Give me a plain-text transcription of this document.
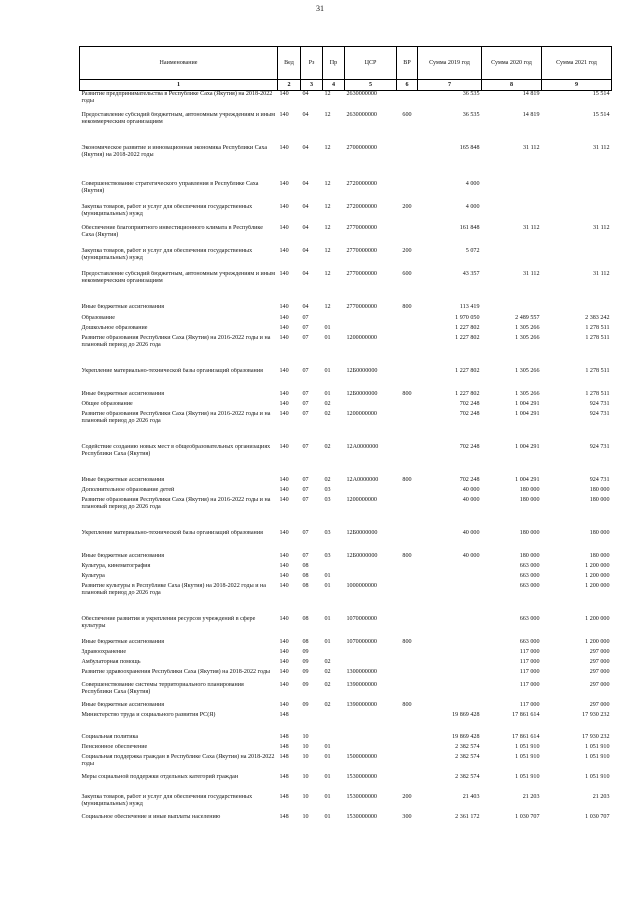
31
Наименование	Вед	Рз	Пр	ЦСР	ВР	Сумма 2019 год	Сумма 2020 год	Сумма 2021 год
1	2	3	4	5	6	7	8	9
Развитие предпринимательства в Республике Саха (Якутия) на 2018-2022 годы	140	04	12	2630000000		36 535	14 819	15 514
Предоставление субсидий бюджетным, автономным учреждениям и иным некоммерческим организациям	140	04	12	2630000000	600	36 535	14 819	15 514
Экономическое развитие и инновационная экономика Республики Саха (Якутия) на 2018-2022 годы	140	04	12	2700000000		165 848	31 112	31 112
Совершенствование стратегического управления в Республике Саха (Якутия)	140	04	12	2720000000		4 000		
Закупка товаров, работ и услуг для обеспечения государственных (муниципальных) нужд	140	04	12	2720000000	200	4 000		
Обеспечение благоприятного инвестиционного климата в Республике Саха (Якутия)	140	04	12	2770000000		161 848	31 112	31 112
Закупка товаров, работ и услуг для обеспечения государственных (муниципальных) нужд	140	04	12	2770000000	200	5 072		
Предоставление субсидий бюджетным, автономным учреждениям и иным некоммерческим организациям	140	04	12	2770000000	600	43 357	31 112	31 112
Иные бюджетные ассигнования	140	04	12	2770000000	800	113 419		
Образование	140	07				1 970 050	2 489 557	2 383 242
Дошкольное образование	140	07	01			1 227 802	1 305 266	1 278 511
Развитие образования Республики Саха (Якутия) на 2016-2022 годы и на плановый период до 2026 года	140	07	01	1200000000		1 227 802	1 305 266	1 278 511
Укрепление материально-технической базы организаций образования	140	07	01	12Б0000000		1 227 802	1 305 266	1 278 511
Иные бюджетные ассигнования	140	07	01	12Б0000000	800	1 227 802	1 305 266	1 278 511
Общее образование	140	07	02			702 248	1 004 291	924 731
Развитие образования Республики Саха (Якутия) на 2016-2022 годы и на плановый период до 2026 года	140	07	02	1200000000		702 248	1 004 291	924 731
Содействие созданию новых мест в общеобразовательных организациях Республики Саха (Якутия)	140	07	02	12А0000000		702 248	1 004 291	924 731
Иные бюджетные ассигнования	140	07	02	12А0000000	800	702 248	1 004 291	924 731
Дополнительное образование детей	140	07	03			40 000	180 000	180 000
Развитие образования Республики Саха (Якутия) на 2016-2022 годы и на плановый период до 2026 года	140	07	03	1200000000		40 000	180 000	180 000
Укрепление материально-технической базы организаций образования	140	07	03	12Б0000000		40 000	180 000	180 000
Иные бюджетные ассигнования	140	07	03	12Б0000000	800	40 000	180 000	180 000
Культура, кинематография	140	08					663 000	1 200 000
Культура	140	08	01				663 000	1 200 000
Развитие культуры в Республике Саха (Якутия) на 2018-2022 годы и на плановый период до 2026 года	140	08	01	1000000000			663 000	1 200 000
Обеспечение развития и укрепления ресурсов учреждений в сфере культуры	140	08	01	1070000000			663 000	1 200 000
Иные бюджетные ассигнования	140	08	01	1070000000	800		663 000	1 200 000
Здравоохранение	140	09					117 000	297 000
Амбулаторная помощь	140	09	02				117 000	297 000
Развитие здравоохранения Республики Саха (Якутия) на 2018-2022 годы	140	09	02	1300000000			117 000	297 000
Совершенствование системы территориального планирования Республики Саха (Якутия)	140	09	02	1390000000			117 000	297 000
Иные бюджетные ассигнования	140	09	02	1390000000	800		117 000	297 000
Министерство труда и социального развития РС(Я)	148					19 869 428	17 861 614	17 930 232
Социальная политика	148	10				19 869 428	17 861 614	17 930 232
Пенсионное обеспечение	148	10	01			2 382 574	1 051 910	1 051 910
Социальная поддержка граждан в Республике Саха (Якутия) на 2018-2022 годы	148	10	01	1500000000		2 382 574	1 051 910	1 051 910
Меры социальной поддержки отдельных категорий граждан	148	10	01	1530000000		2 382 574	1 051 910	1 051 910
Закупка товаров, работ и услуг для обеспечения государственных (муниципальных) нужд	148	10	01	1530000000	200	21 403	21 203	21 203
Социальное обеспечение и иные выплаты населению	148	10	01	1530000000	300	2 361 172	1 030 707	1 030 707
